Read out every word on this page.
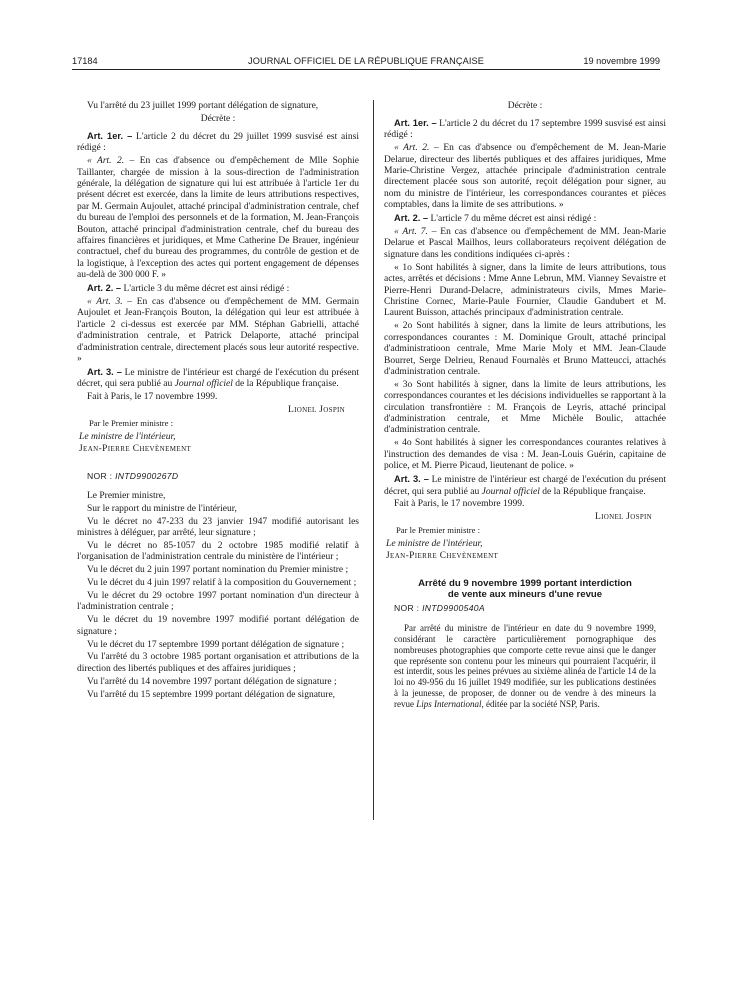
17184	JOURNAL OFFICIEL DE LA RÉPUBLIQUE FRANÇAISE	19 novembre 1999

Vu l'arrêté du 23 juillet 1999 portant délégation de signature,

Décrète :

Art. 1er. – L'article 2 du décret du 29 juillet 1999 susvisé est ainsi rédigé :

« Art. 2. – En cas d'absence ou d'empêchement de Mlle Sophie Taillanter, chargée de mission à la sous-direction de l'administration générale, la délégation de signature qui lui est attribuée à l'article 1er du présent décret est exercée, dans la limite de leurs attributions respectives, par M. Germain Aujoulet, attaché principal d'administration centrale, chef du bureau de l'emploi des personnels et de la formation, M. Jean-François Bouton, attaché principal d'administration centrale, chef du bureau des affaires financières et juridiques, et Mme Catherine De Brauer, ingénieur contractuel, chef du bureau des programmes, du contrôle de gestion et de la logistique, à l'exception des actes qui portent engagement de dépenses au-delà de 300 000 F. »

Art. 2. – L'article 3 du même décret est ainsi rédigé :

« Art. 3. – En cas d'absence ou d'empêchement de MM. Germain Aujoulet et Jean-François Bouton, la délégation qui leur est attribuée à l'article 2 ci-dessus est exercée par MM. Stéphan Gabrielli, attaché d'administration centrale, et Patrick Delaporte, attaché principal d'administration centrale, directement placés sous leur autorité respective. »

Art. 3. – Le ministre de l'intérieur est chargé de l'exécution du présent décret, qui sera publié au Journal officiel de la République française.

Fait à Paris, le 17 novembre 1999.

Lionel Jospin

Par le Premier ministre :

Le ministre de l'intérieur,

Jean-Pierre Chevènement

NOR : INTD9900267D

Le Premier ministre,

Sur le rapport du ministre de l'intérieur,

Vu le décret no 47-233 du 23 janvier 1947 modifié autorisant les ministres à déléguer, par arrêté, leur signature ;

Vu le décret no 85-1057 du 2 octobre 1985 modifié relatif à l'organisation de l'administration centrale du ministère de l'intérieur ;

Vu le décret du 2 juin 1997 portant nomination du Premier ministre ;

Vu le décret du 4 juin 1997 relatif à la composition du Gouvernement ;

Vu le décret du 29 octobre 1997 portant nomination d'un directeur à l'administration centrale ;

Vu le décret du 19 novembre 1997 modifié portant délégation de signature ;

Vu le décret du 17 septembre 1999 portant délégation de signature ;

Vu l'arrêté du 3 octobre 1985 portant organisation et attributions de la direction des libertés publiques et des affaires juridiques ;

Vu l'arrêté du 14 novembre 1997 portant délégation de signature ;

Vu l'arrêté du 15 septembre 1999 portant délégation de signature,

Décrète :

Art. 1er. – L'article 2 du décret du 17 septembre 1999 susvisé est ainsi rédigé :

« Art. 2. – En cas d'absence ou d'empêchement de M. Jean-Marie Delarue, directeur des libertés publiques et des affaires juridiques, Mme Marie-Christine Vergez, attachée principale d'administration centrale directement placée sous son autorité, reçoit délégation pour signer, au nom du ministre de l'intérieur, les correspondances courantes et pièces comptables, dans la limite de ses attributions. »

Art. 2. – L'article 7 du même décret est ainsi rédigé :

« Art. 7. – En cas d'absence ou d'empêchement de MM. Jean-Marie Delarue et Pascal Mailhos, leurs collaborateurs reçoivent délégation de signature dans les conditions indiquées ci-après :

« 1o Sont habilités à signer, dans la limite de leurs attributions, tous actes, arrêtés et décisions : Mme Anne Lebrun, MM. Vianney Sevaistre et Pierre-Henri Durand-Delacre, administrateurs civils, Mmes Marie-Christine Cornec, Marie-Paule Fournier, Claudie Gandubert et M. Laurent Buisson, attachés principaux d'administration centrale.

« 2o Sont habilités à signer, dans la limite de leurs attributions, les correspondances courantes : M. Dominique Groult, attaché principal d'administratioon centrale, Mme Marie Moly et MM. Jean-Claude Bourret, Serge Delrieu, Renaud Fournalès et Bruno Matteucci, attachés d'administration centrale.

« 3o Sont habilités à signer, dans la limite de leurs attributions, les correspondances courantes et les décisions individuelles se rapportant à la circulation transfrontière : M. François de Leyris, attaché principal d'administration centrale, et Mme Michèle Boulic, attachée d'administration centrale.

« 4o Sont habilités à signer les correspondances courantes relatives à l'instruction des demandes de visa : M. Jean-Louis Guérin, capitaine de police, et M. Pierre Picaud, lieutenant de police. »

Art. 3. – Le ministre de l'intérieur est chargé de l'exécution du présent décret, qui sera publié au Journal officiel de la République française.

Fait à Paris, le 17 novembre 1999.

Lionel Jospin

Par le Premier ministre :

Le ministre de l'intérieur,

Jean-Pierre Chevènement

Arrêté du 9 novembre 1999 portant interdiction
de vente aux mineurs d'une revue

NOR : INTD9900540A

Par arrêté du ministre de l'intérieur en date du 9 novembre 1999, considérant le caractère particulièrement pornographique des nombreuses photographies que comporte cette revue ainsi que le danger que représente son contenu pour les mineurs qui pourraient l'acquérir, il est interdit, sous les peines prévues au sixième alinéa de l'article 14 de la loi no 49-956 du 16 juillet 1949 modifiée, sur les publications destinées à la jeunesse, de proposer, de donner ou de vendre à des mineurs la revue Lips International, éditée par la société NSP, Paris.
